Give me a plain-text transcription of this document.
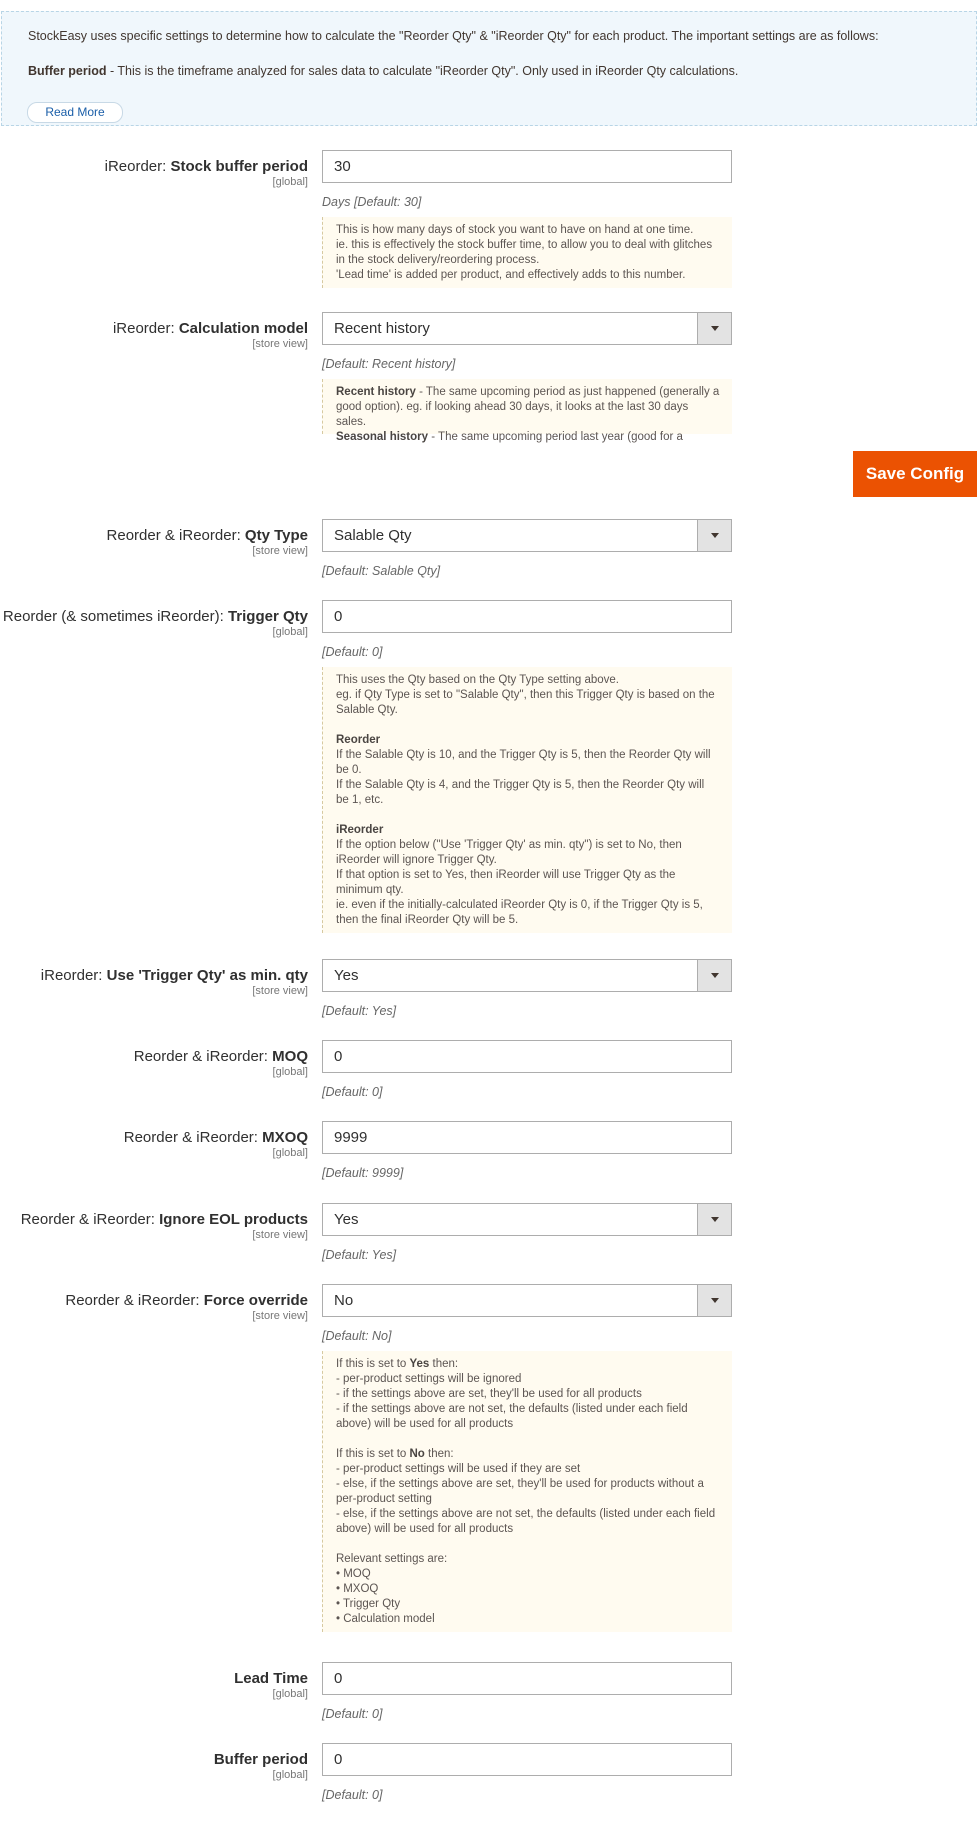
StockEasy uses specific settings to determine how to calculate the "Reorder Qty" & "iReorder Qty" for each product. The important settings are as follows:
Buffer period - This is the timeframe analyzed for sales data to calculate "iReorder Qty". Only used in iReorder Qty calculations.
Read More
iReorder: Stock buffer period
[global]
30
Days [Default: 30]

This is how many days of stock you want to have on hand at one time.

ie. this is effectively the stock buffer time, to allow you to deal with glitches in the stock delivery/reordering process.

'Lead time' is added per product, and effectively adds to this number.

iReorder: Calculation model
[store view]
Recent history
[Default: Recent history]

Recent history - The same upcoming period as just happened (generally a good option). eg. if looking ahead 30 days, it looks at the last 30 days sales.

Seasonal history - The same upcoming period last year (good for a

Save Config
Reorder & iReorder: Qty Type
[store view]
Salable Qty
[Default: Salable Qty]
Reorder (& sometimes iReorder): Trigger Qty
[global]
0
[Default: 0]

This uses the Qty based on the Qty Type setting above.

eg. if Qty Type is set to "Salable Qty", then this Trigger Qty is based on the Salable Qty.

Reorder

If the Salable Qty is 10, and the Trigger Qty is 5, then the Reorder Qty will be 0.

If the Salable Qty is 4, and the Trigger Qty is 5, then the Reorder Qty will be 1, etc.

iReorder

If the option below ("Use 'Trigger Qty' as min. qty") is set to No, then iReorder will ignore Trigger Qty.

If that option is set to Yes, then iReorder will use Trigger Qty as the minimum qty.

ie. even if the initially-calculated iReorder Qty is 0, if the Trigger Qty is 5, then the final iReorder Qty will be 5.

iReorder: Use 'Trigger Qty' as min. qty
[store view]
Yes
[Default: Yes]
Reorder & iReorder: MOQ
[global]
0
[Default: 0]
Reorder & iReorder: MXOQ
[global]
9999
[Default: 9999]
Reorder & iReorder: Ignore EOL products
[store view]
Yes
[Default: Yes]
Reorder & iReorder: Force override
[store view]
No
[Default: No]

If this is set to Yes then:

- per-product settings will be ignored

- if the settings above are set, they'll be used for all products

- if the settings above are not set, the defaults (listed under each field above) will be used for all products

If this is set to No then:

- per-product settings will be used if they are set

- else, if the settings above are set, they'll be used for products without a per-product setting

- else, if the settings above are not set, the defaults (listed under each field above) will be used for all products

Relevant settings are:

• MOQ

• MXOQ

• Trigger Qty

• Calculation model

Lead Time
[global]
0
[Default: 0]
Buffer period
[global]
0
[Default: 0]
